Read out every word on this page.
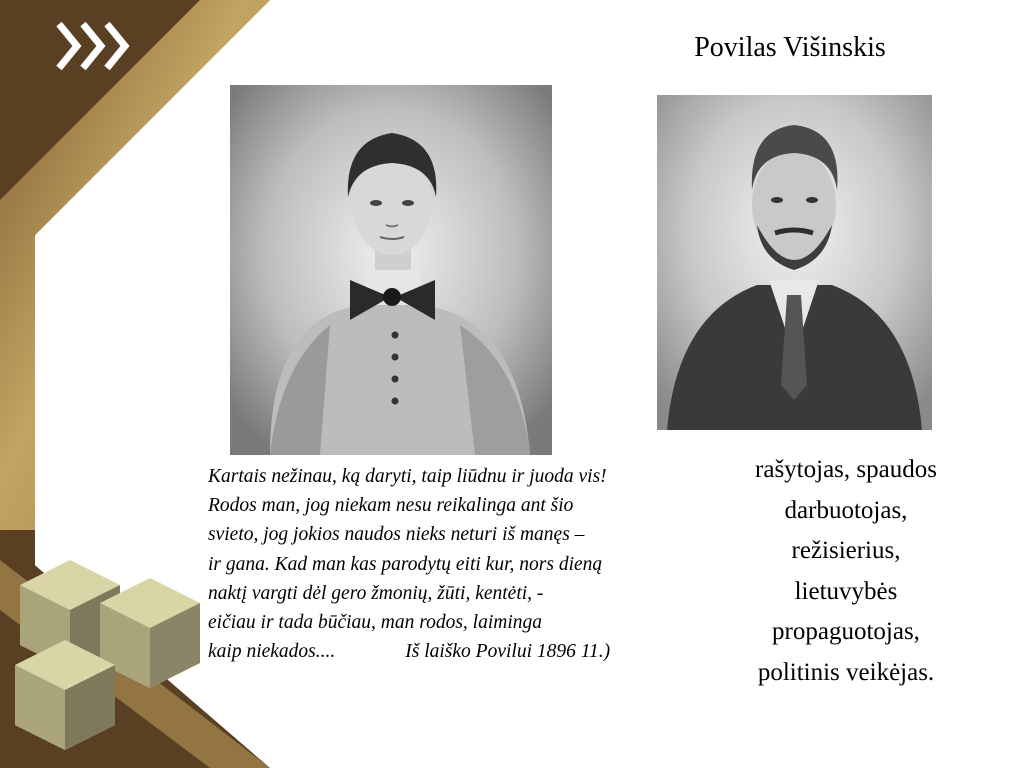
Povilas Višinskis
Kartais nežinau, ką daryti, taip liūdnu ir juoda vis!
Rodos man, jog niekam nesu reikalinga ant šio
svieto, jog jokios naudos nieks neturi iš manęs –
ir gana. Kad man kas parodytų eiti kur, nors dieną
naktį vargti dėl gero žmonių, žūti, kentėti, -
eičiau ir tada būčiau, man rodos, laiminga
kaip niekados....	Iš laiško Povilui 1896 11.)
rašytojas, spaudos
darbuotojas,
režisierius,
lietuvybės
propaguotojas,
politinis veikėjas.
